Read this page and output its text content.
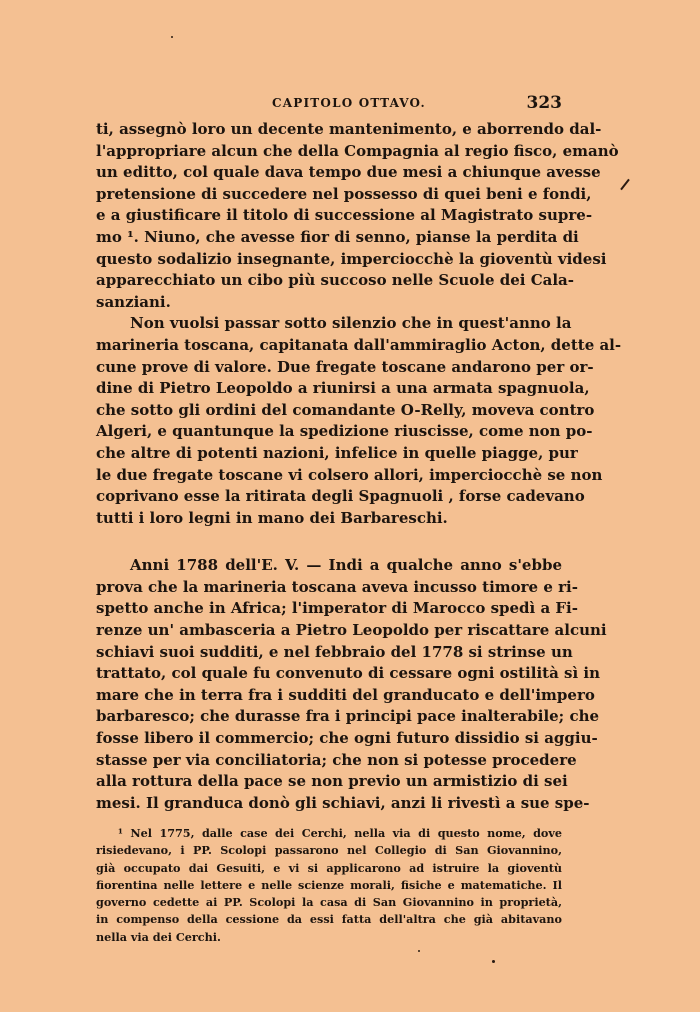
CAPITOLO OTTAVO.	323
ti, assegnò loro un decente mantenimento, e aborrendo dal-
l'appropriare alcun che della Compagnia al regio fisco, emanò
un editto, col quale dava tempo due mesi a chiunque avesse
pretensione di succedere nel possesso di quei beni e fondi,
e a giustificare il titolo di successione al Magistrato supre-
mo ¹. Niuno, che avesse fior di senno, pianse la perdita di
questo sodalizio insegnante, imperciocchè la gioventù videsi
apparecchiato un cibo più succoso nelle Scuole dei Cala-
sanziani.
Non vuolsi passar sotto silenzio che in quest'anno la
marineria toscana, capitanata dall'ammiraglio Acton, dette al-
cune prove di valore. Due fregate toscane andarono per or-
dine di Pietro Leopoldo a riunirsi a una armata spagnuola,
che sotto gli ordini del comandante O-Relly, moveva contro
Algeri, e quantunque la spedizione riuscisse, come non po-
che altre di potenti nazioni, infelice in quelle piagge, pur
le due fregate toscane vi colsero allori, imperciocchè se non
coprivano esse la ritirata degli Spagnuoli , forse cadevano
tutti i loro legni in mano dei Barbareschi.
Anni 1788 dell'E. V. — Indi a qualche anno s'ebbe
prova che la marineria toscana aveva incusso timore e ri-
spetto anche in Africa; l'imperator di Marocco spedì a Fi-
renze un' ambasceria a Pietro Leopoldo per riscattare alcuni
schiavi suoi sudditi, e nel febbraio del 1778 si strinse un
trattato, col quale fu convenuto di cessare ogni ostilità sì in
mare che in terra fra i sudditi del granducato e dell'impero
barbaresco; che durasse fra i principi pace inalterabile; che
fosse libero il commercio; che ogni futuro dissidio si aggiu-
stasse per via conciliatoria; che non si potesse procedere
alla rottura della pace se non previo un armistizio di sei
mesi. Il granduca donò gli schiavi, anzi li rivestì a sue spe-
¹ Nel 1775, dalle case dei Cerchi, nella via di questo nome, dove
risiedevano, i PP. Scolopi passarono nel Collegio di San Giovannino,
già occupato dai Gesuiti, e vi si applicarono ad istruire la gioventù
fiorentina nelle lettere e nelle scienze morali, fisiche e matematiche. Il
governo cedette ai PP. Scolopi la casa di San Giovannino in proprietà,
in compenso della cessione da essi fatta dell'altra che già abitavano
nella via dei Cerchi.
